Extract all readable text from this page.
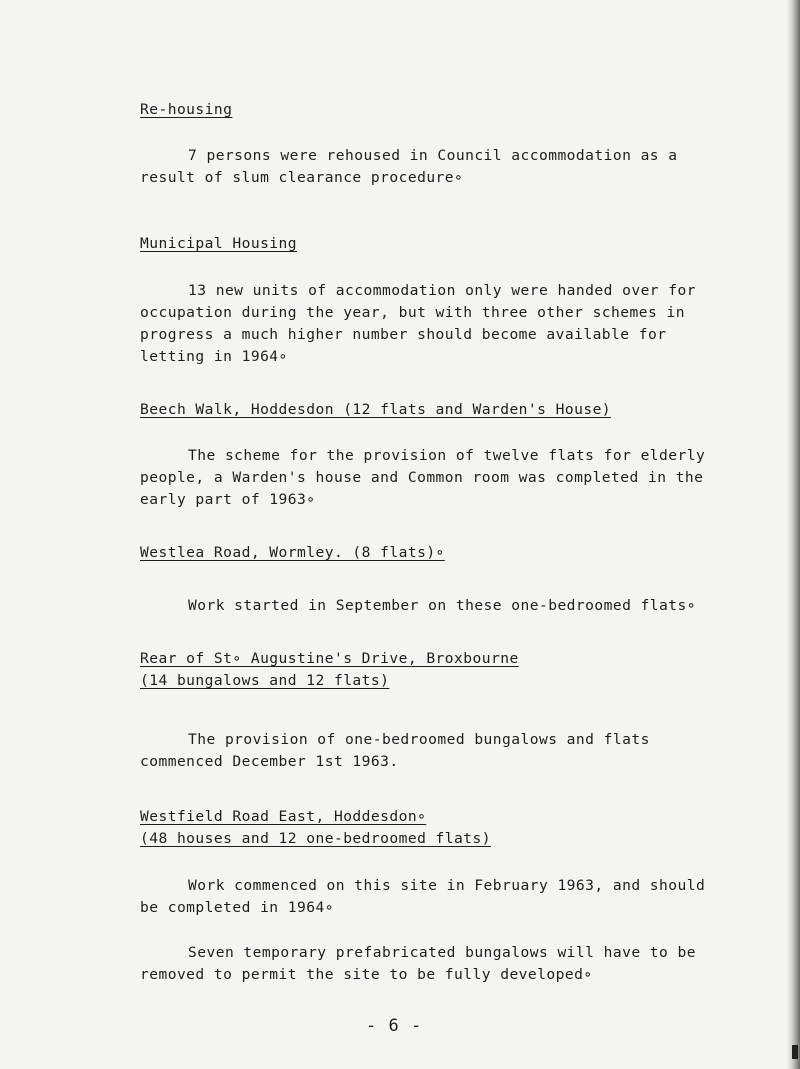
Re-housing
7 persons were rehoused in Council accommodation as a
result of slum clearance procedure∘
Municipal Housing
13 new units of accommodation only were handed over for
occupation during the year, but with three other schemes in
progress a much higher number should become available for
letting in 1964∘
Beech Walk, Hoddesdon (12 flats and Warden's House)
The scheme for the provision of twelve flats for elderly
people, a Warden's house and Common room was completed in the
early part of 1963∘
Westlea Road, Wormley. (8 flats)∘
Work started in September on these one-bedroomed flats∘
Rear of St∘ Augustine's Drive, Broxbourne
(14 bungalows and 12 flats)
The provision of one-bedroomed bungalows and flats
commenced December 1st 1963.
Westfield Road East, Hoddesdon∘
(48 houses and 12 one-bedroomed flats)
Work commenced on this site in February 1963, and should
be completed in 1964∘
Seven temporary prefabricated bungalows will have to be
removed to permit the site to be fully developed∘
- 6 -
